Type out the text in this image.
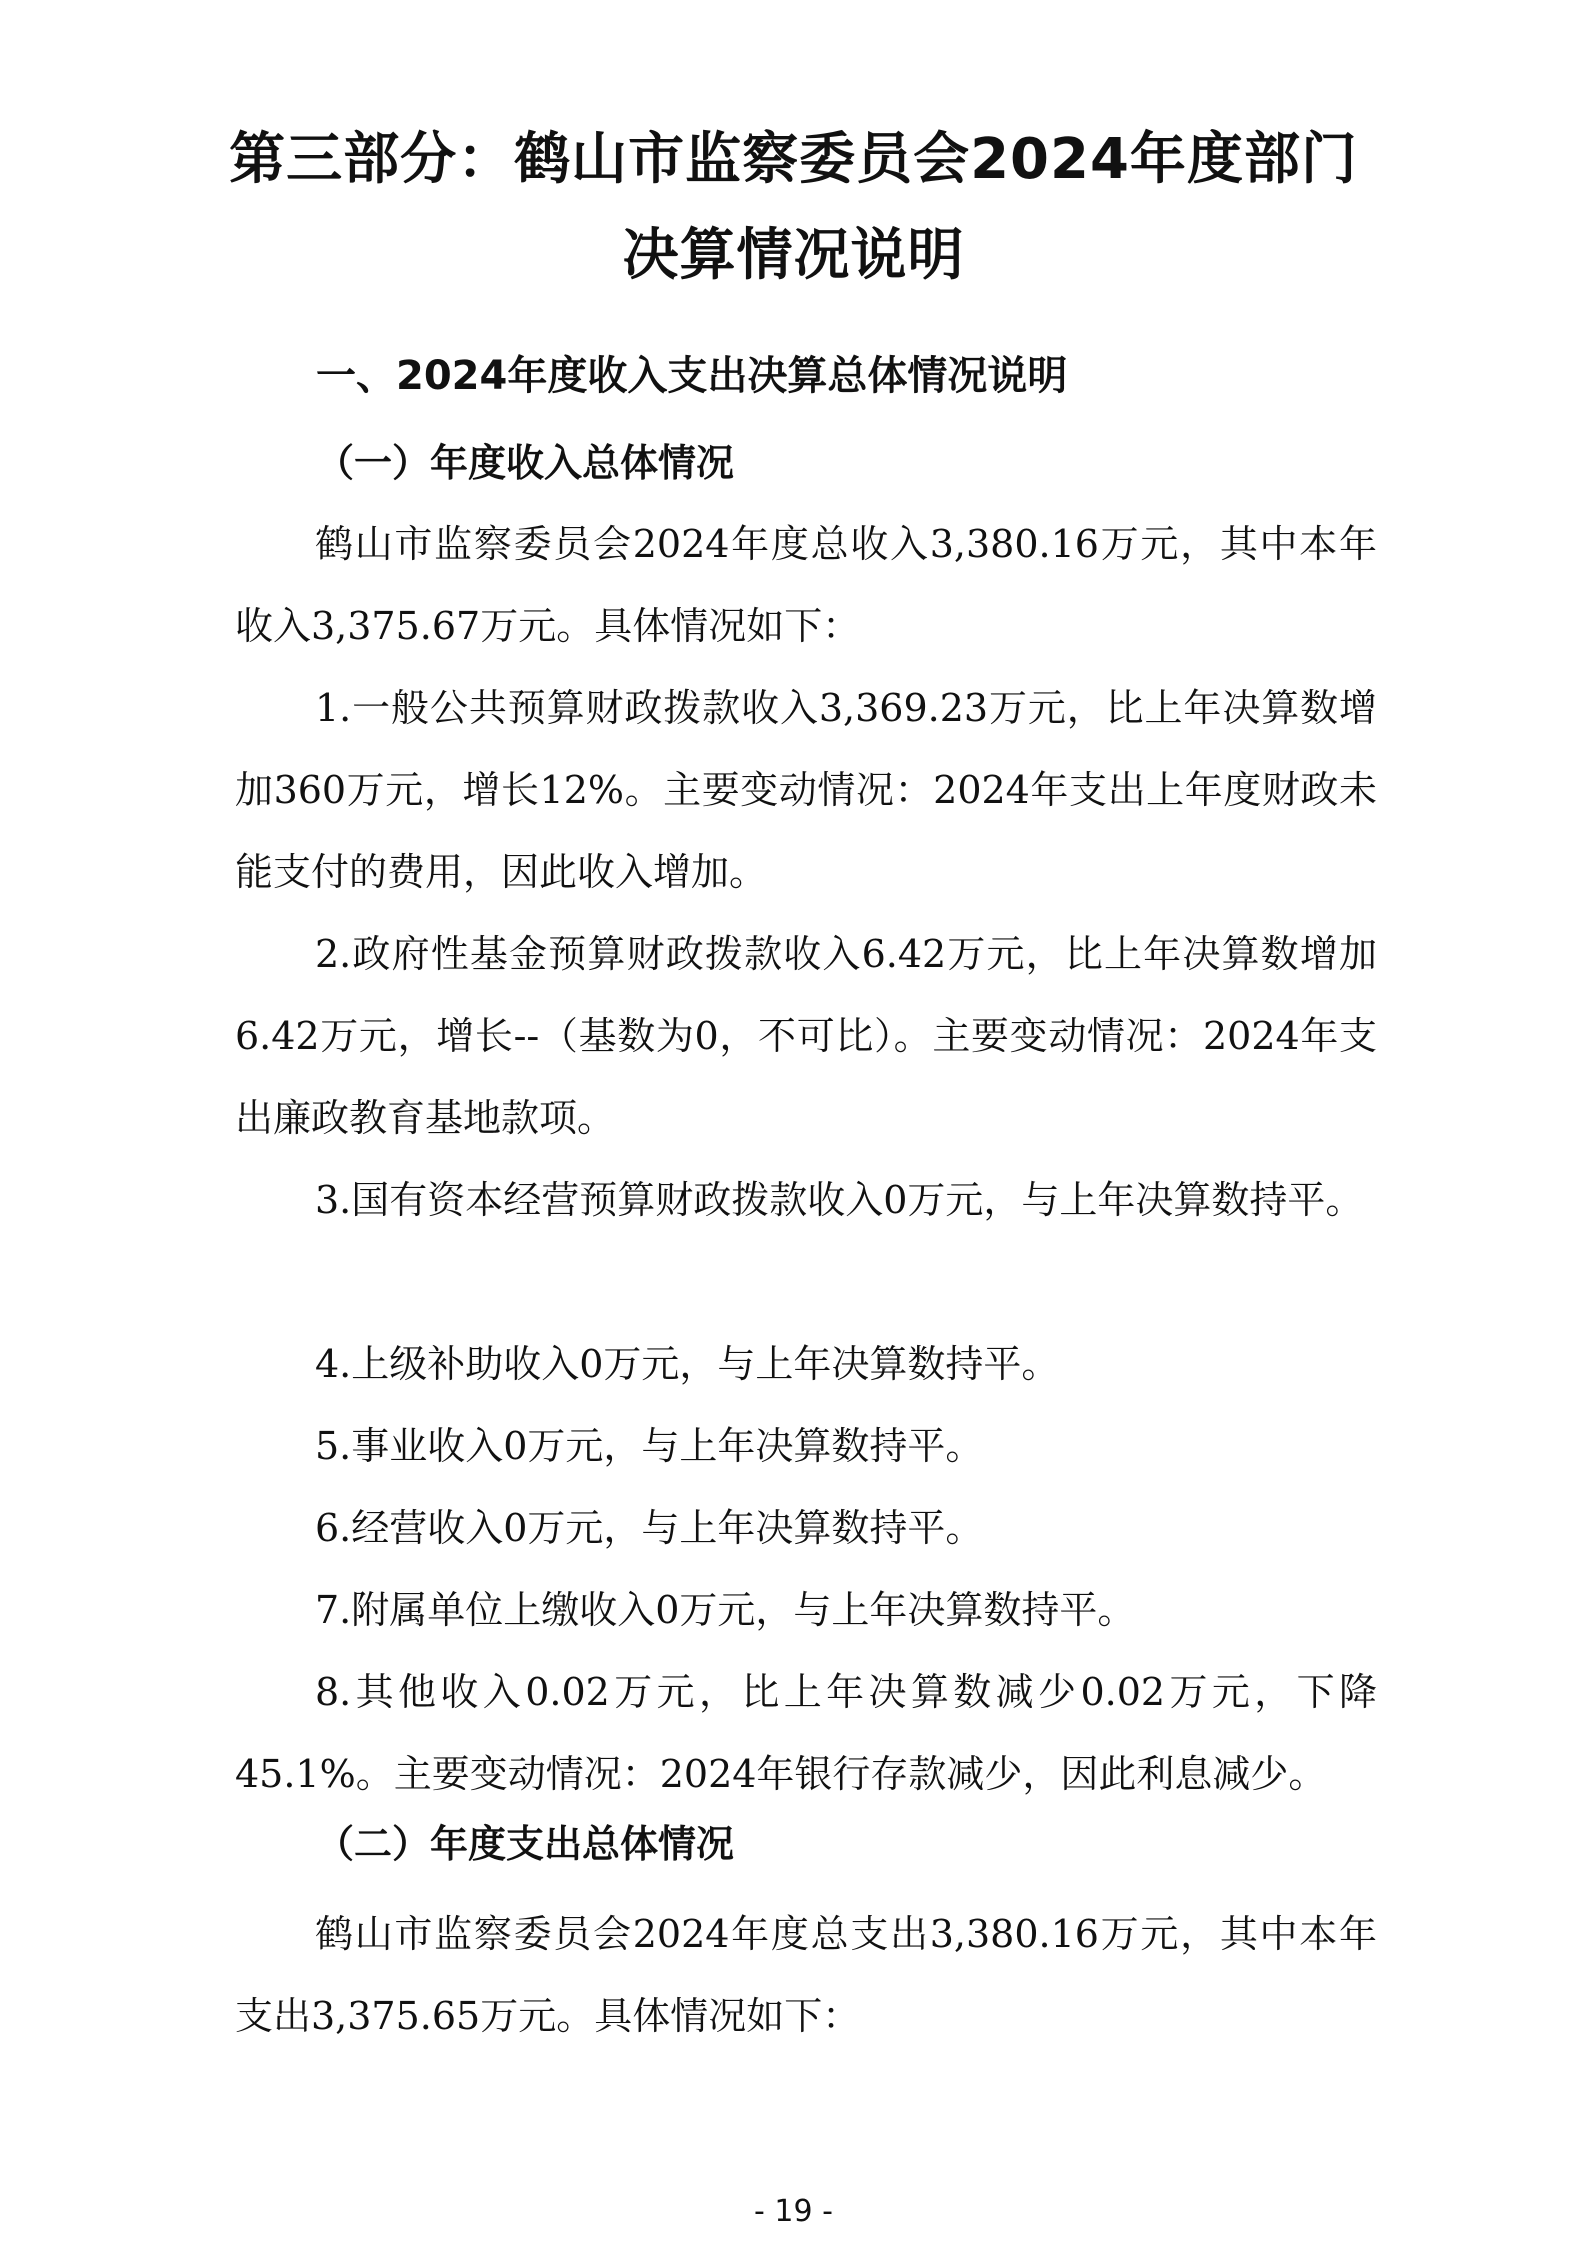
第三部分：鹤山市监察委员会2024年度部门
决算情况说明
一、2024年度收入支出决算总体情况说明
（一）年度收入总体情况

鹤山市监察委员会2024年度总收入3,380.16万元，其中本年收入3,375.67万元。具体情况如下：

1.一般公共预算财政拨款收入3,369.23万元，比上年决算数增加360万元，增长12%。主要变动情况：2024年支出上年度财政未能支付的费用，因此收入增加。

2.政府性基金预算财政拨款收入6.42万元，比上年决算数增加6.42万元，增长--（基数为0，不可比）。主要变动情况：2024年支出廉政教育基地款项。

3.国有资本经营预算财政拨款收入0万元，与上年决算数持平。

4.上级补助收入0万元，与上年决算数持平。

5.事业收入0万元，与上年决算数持平。

6.经营收入0万元，与上年决算数持平。

7.附属单位上缴收入0万元，与上年决算数持平。

8.其他收入0.02万元，比上年决算数减少0.02万元，下降45.1%。主要变动情况：2024年银行存款减少，因此利息减少。

（二）年度支出总体情况

鹤山市监察委员会2024年度总支出3,380.16万元，其中本年支出3,375.65万元。具体情况如下：

- 19 -
